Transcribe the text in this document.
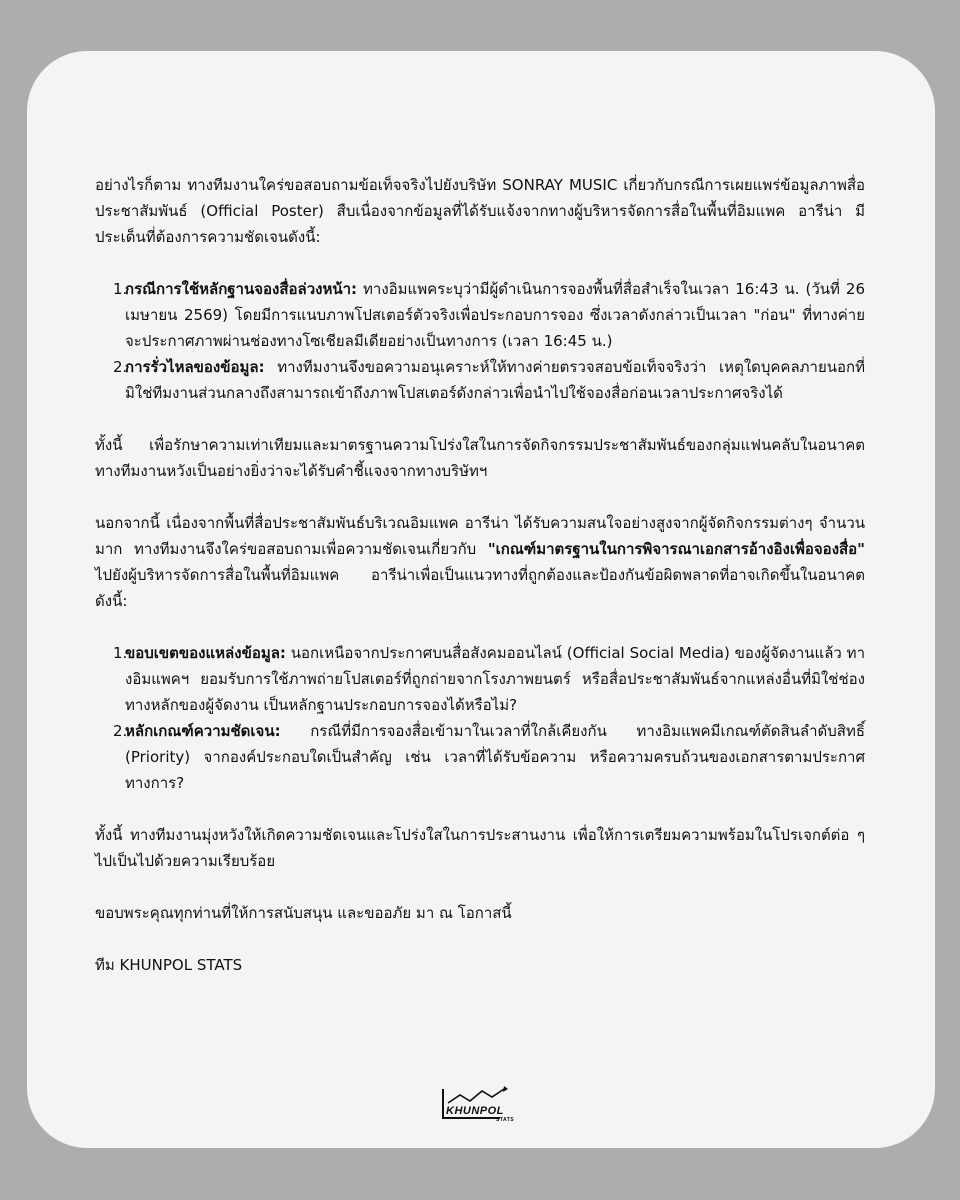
อย่างไรก็ตาม ทางทีมงานใคร่ขอสอบถามข้อเท็จจริงไปยังบริษัท SONRAY MUSIC เกี่ยวกับกรณีการเผยแพร่ข้อมูลภาพสื่อประชาสัมพันธ์ (Official Poster) สืบเนื่องจากข้อมูลที่ได้รับแจ้งจากทางผู้บริหารจัดการสื่อในพื้นที่อิมแพค อารีน่า มีประเด็นที่ต้องการความชัดเจนดังนี้:

1.
กรณีการใช้หลักฐานจองสื่อล่วงหน้า: ทางอิมแพคระบุว่ามีผู้ดำเนินการจองพื้นที่สื่อสำเร็จในเวลา 16:43 น. (วันที่ 26 เมษายน 2569) โดยมีการแนบภาพโปสเตอร์ตัวจริงเพื่อประกอบการจอง ซึ่งเวลาดังกล่าวเป็นเวลา "ก่อน" ที่ทางค่ายจะประกาศภาพผ่านช่องทางโซเชียลมีเดียอย่างเป็นทางการ (เวลา 16:45 น.)
2.
การรั่วไหลของข้อมูล: ทางทีมงานจึงขอความอนุเคราะห์ให้ทางค่ายตรวจสอบข้อเท็จจริงว่า เหตุใดบุคคลภายนอกที่มิใช่ทีมงานส่วนกลางถึงสามารถเข้าถึงภาพโปสเตอร์ดังกล่าวเพื่อนำไปใช้จองสื่อก่อนเวลาประกาศจริงได้

ทั้งนี้ เพื่อรักษาความเท่าเทียมและมาตรฐานความโปร่งใสในการจัดกิจกรรมประชาสัมพันธ์ของกลุ่มแฟนคลับในอนาคต ทางทีมงานหวังเป็นอย่างยิ่งว่าจะได้รับคำชี้แจงจากทางบริษัทฯ

นอกจากนี้ เนื่องจากพื้นที่สื่อประชาสัมพันธ์บริเวณอิมแพค อารีน่า ได้รับความสนใจอย่างสูงจากผู้จัดกิจกรรมต่างๆ จำนวนมาก ทางทีมงานจึงใคร่ขอสอบถามเพื่อความชัดเจนเกี่ยวกับ "เกณฑ์มาตรฐานในการพิจารณาเอกสารอ้างอิงเพื่อจองสื่อ" ไปยังผู้บริหารจัดการสื่อในพื้นที่อิมแพค อารีน่าเพื่อเป็นแนวทางที่ถูกต้องและป้องกันข้อผิดพลาดที่อาจเกิดขึ้นในอนาคต ดังนี้:

1.
ขอบเขตของแหล่งข้อมูล: นอกเหนือจากประกาศบนสื่อสังคมออนไลน์ (Official Social Media) ของผู้จัดงานแล้ว ทางอิมแพคฯ ยอมรับการใช้ภาพถ่ายโปสเตอร์ที่ถูกถ่ายจากโรงภาพยนตร์ หรือสื่อประชาสัมพันธ์จากแหล่งอื่นที่มิใช่ช่องทางหลักของผู้จัดงาน เป็นหลักฐานประกอบการจองได้หรือไม่?
2.
หลักเกณฑ์ความชัดเจน: กรณีที่มีการจองสื่อเข้ามาในเวลาที่ใกล้เคียงกัน ทางอิมแพคมีเกณฑ์ตัดสินลำดับสิทธิ์ (Priority) จากองค์ประกอบใดเป็นสำคัญ เช่น เวลาที่ได้รับข้อความ หรือความครบถ้วนของเอกสารตามประกาศทางการ?

ทั้งนี้ ทางทีมงานมุ่งหวังให้เกิดความชัดเจนและโปร่งใสในการประสานงาน เพื่อให้การเตรียมความพร้อมในโปรเจกต์ต่อ ๆ ไปเป็นไปด้วยความเรียบร้อย

ขอบพระคุณทุกท่านที่ให้การสนับสนุน และขออภัย มา ณ โอกาสนี้

ทีม KHUNPOL STATS

KHUNPOL
STATS
